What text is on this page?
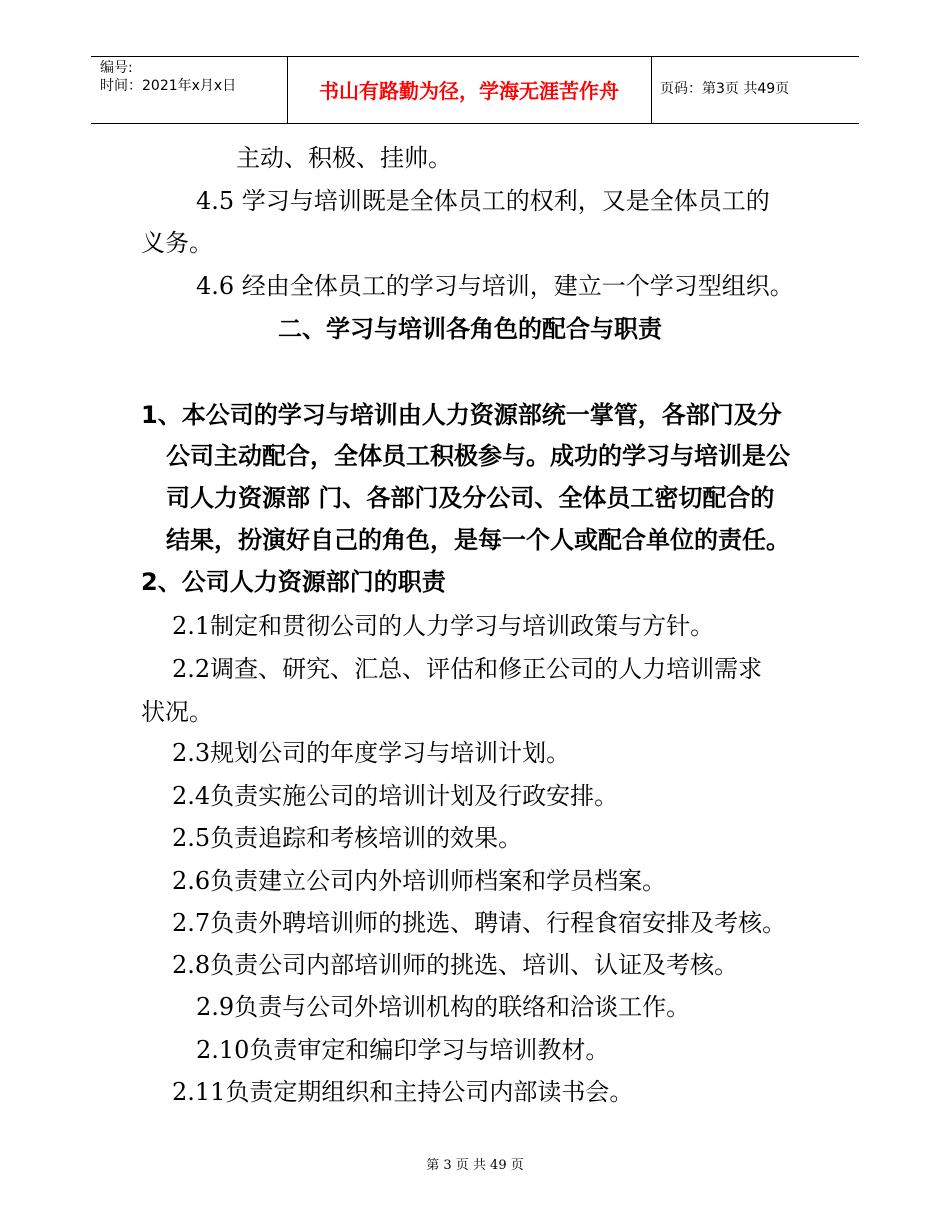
编号:
时间：2021年x月x日	书山有路勤为径，学海无涯苦作舟	页码：第3页 共49页
主动、积极、挂帅。
4.5 学习与培训既是全体员工的权利，又是全体员工的
义务。
4.6 经由全体员工的学习与培训，建立一个学习型组织。
二、学习与培训各角色的配合与职责
1、本公司的学习与培训由人力资源部统一掌管，各部门及分
公司主动配合，全体员工积极参与。成功的学习与培训是公
司人力资源部 门、各部门及分公司、全体员工密切配合的
结果，扮演好自己的角色，是每一个人或配合单位的责任。
2、公司人力资源部门的职责
2.1制定和贯彻公司的人力学习与培训政策与方针。
2.2调查、研究、汇总、评估和修正公司的人力培训需求
状况。
2.3规划公司的年度学习与培训计划。
2.4负责实施公司的培训计划及行政安排。
2.5负责追踪和考核培训的效果。
2.6负责建立公司内外培训师档案和学员档案。
2.7负责外聘培训师的挑选、聘请、行程食宿安排及考核。
2.8负责公司内部培训师的挑选、培训、认证及考核。
2.9负责与公司外培训机构的联络和洽谈工作。
2.10负责审定和编印学习与培训教材。
2.11负责定期组织和主持公司内部读书会。
第 3 页 共 49 页
